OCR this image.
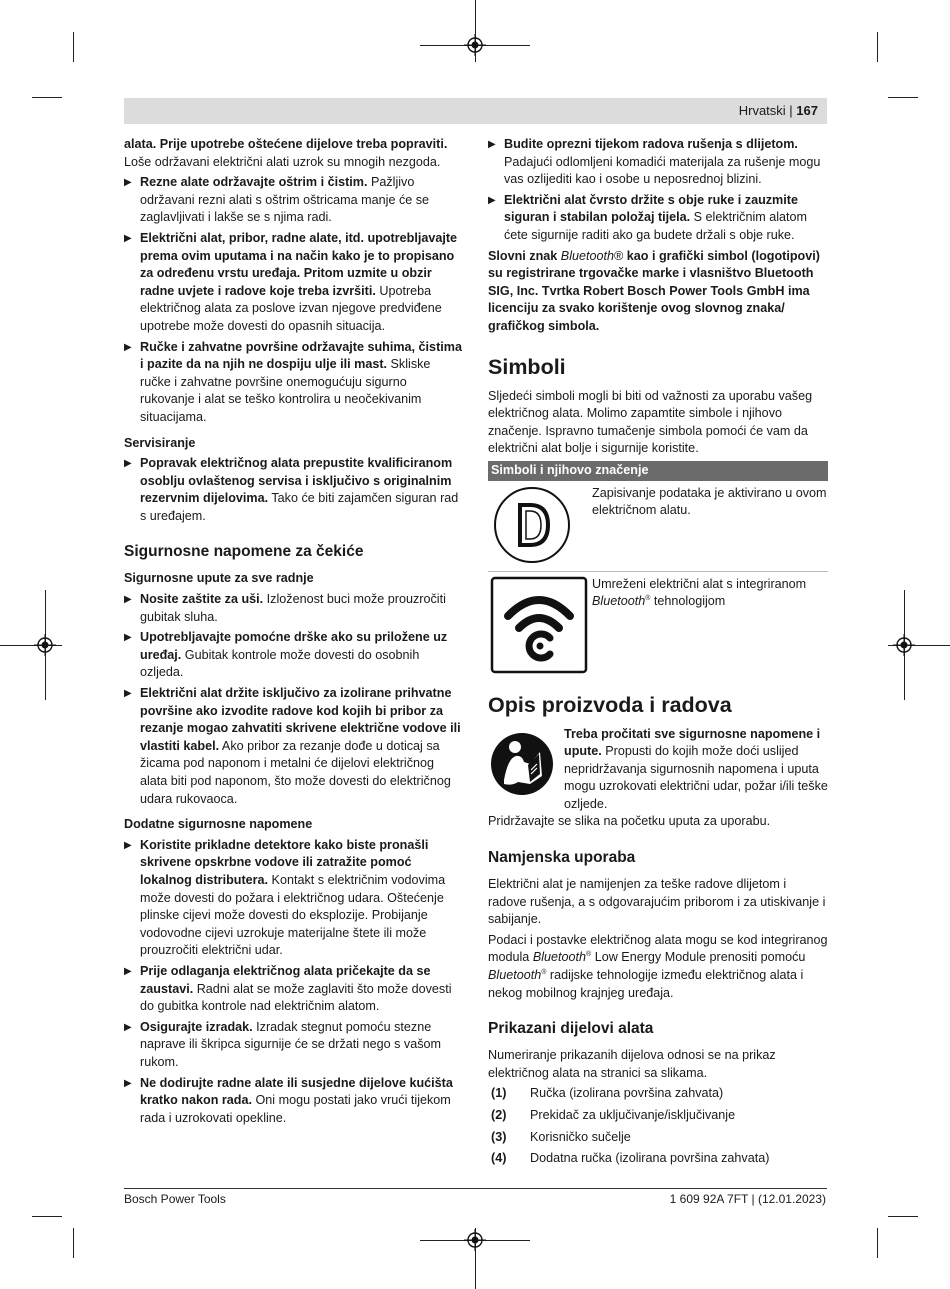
Hrvatski | 167

alata. Prije upotrebe oštećene dijelove treba popraviti. Loše održavani električni alati uzrok su mnogih nezgoda.

▶ Rezne alate održavajte oštrim i čistim. Pažljivo održavani rezni alati s oštrim oštricama manje će se zaglavljivati i lakše se s njima radi.
▶ Električni alat, pribor, radne alate, itd. upotrebljavajte prema ovim uputama i na način kako je to propisano za određenu vrstu uređaja. Pritom uzmite u obzir radne uvjete i radove koje treba izvršiti. Upotreba električnog alata za poslove izvan njegove predviđene upotrebe može dovesti do opasnih situacija.
▶ Ručke i zahvatne površine održavajte suhima, čistima i pazite da na njih ne dospiju ulje ili mast. Skliske ručke i zahvatne površine onemogućuju sigurno rukovanje i alat se teško kontrolira u neočekivanim situacijama.
Servisiranje
▶ Popravak električnog alata prepustite kvalificiranom osoblju ovlaštenog servisa i isključivo s originalnim rezervnim dijelovima. Tako će biti zajamčen siguran rad s uređajem.
Sigurnosne napomene za čekiće
Sigurnosne upute za sve radnje
▶ Nosite zaštite za uši. Izloženost buci može prouzročiti gubitak sluha.
▶ Upotrebljavajte pomoćne drške ako su priložene uz uređaj. Gubitak kontrole može dovesti do osobnih ozljeda.
▶ Električni alat držite isključivo za izolirane prihvatne površine ako izvodite radove kod kojih bi pribor za rezanje mogao zahvatiti skrivene električne vodove ili vlastiti kabel. Ako pribor za rezanje dođe u doticaj sa žicama pod naponom i metalni će dijelovi električnog alata biti pod naponom, što može dovesti do električnog udara rukovaoca.
Dodatne sigurnosne napomene
▶ Koristite prikladne detektore kako biste pronašli skrivene opskrbne vodove ili zatražite pomoć lokalnog distributera. Kontakt s električnim vodovima može dovesti do požara i električnog udara. Oštećenje plinske cijevi može dovesti do eksplozije. Probijanje vodovodne cijevi uzrokuje materijalne štete ili može prouzročiti električni udar.
▶ Prije odlaganja električnog alata pričekajte da se zaustavi. Radni alat se može zaglaviti što može dovesti do gubitka kontrole nad električnim alatom.
▶ Osigurajte izradak. Izradak stegnut pomoću stezne naprave ili škripca sigurnije će se držati nego s vašom rukom.
▶ Ne dodirujte radne alate ili susjedne dijelove kućišta kratko nakon rada. Oni mogu postati jako vrući tijekom rada i uzrokovati opekline.
▶ Budite oprezni tijekom radova rušenja s dlijetom. Padajući odlomljeni komadići materijala za rušenje mogu vas ozlijediti kao i osobe u neposrednoj blizini.
▶ Električni alat čvrsto držite s obje ruke i zauzmite siguran i stabilan položaj tijela. S električnim alatom ćete sigurnije raditi ako ga budete držali s obje ruke.

Slovni znak Bluetooth® kao i grafički simbol (logotipovi) su registrirane trgovačke marke i vlasništvo Bluetooth SIG, Inc. Tvrtka Robert Bosch Power Tools GmbH ima licenciju za svako korištenje ovog slovnog znaka/ grafičkog simbola.

Simboli

Sljedeći simboli mogli bi biti od važnosti za uporabu vašeg električnog alata. Molimo zapamtite simbole i njihovo značenje. Ispravno tumačenje simbola pomoći će vam da električni alat bolje i sigurnije koristite.

Simboli i njihovo značenje
Zapisivanje podataka je aktivirano u ovom električnom alatu.
Umreženi električni alat s integriranom Bluetooth® tehnologijom
Opis proizvoda i radova
Treba pročitati sve sigurnosne napomene i upute. Propusti do kojih može doći uslijed nepridržavanja sigurnosnih napomena i uputa mogu uzrokovati električni udar, požar i/ili teške ozljede.

Pridržavajte se slika na početku uputa za uporabu.

Namjenska uporaba

Električni alat je namijenjen za teške radove dlijetom i radove rušenja, a s odgovarajućim priborom i za utiskivanje i sabijanje.

Podaci i postavke električnog alata mogu se kod integriranog modula Bluetooth® Low Energy Module prenositi pomoću Bluetooth® radijske tehnologije između električnog alata i nekog mobilnog krajnjeg uređaja.

Prikazani dijelovi alata

Numeriranje prikazanih dijelova odnosi se na prikaz električnog alata na stranici sa slikama.

(1)	Ručka (izolirana površina zahvata)
(2)	Prekidač za uključivanje/isključivanje
(3)	Korisničko sučelje
(4)	Dodatna ručka (izolirana površina zahvata)
Bosch Power Tools	1 609 92A 7FT | (12.01.2023)
